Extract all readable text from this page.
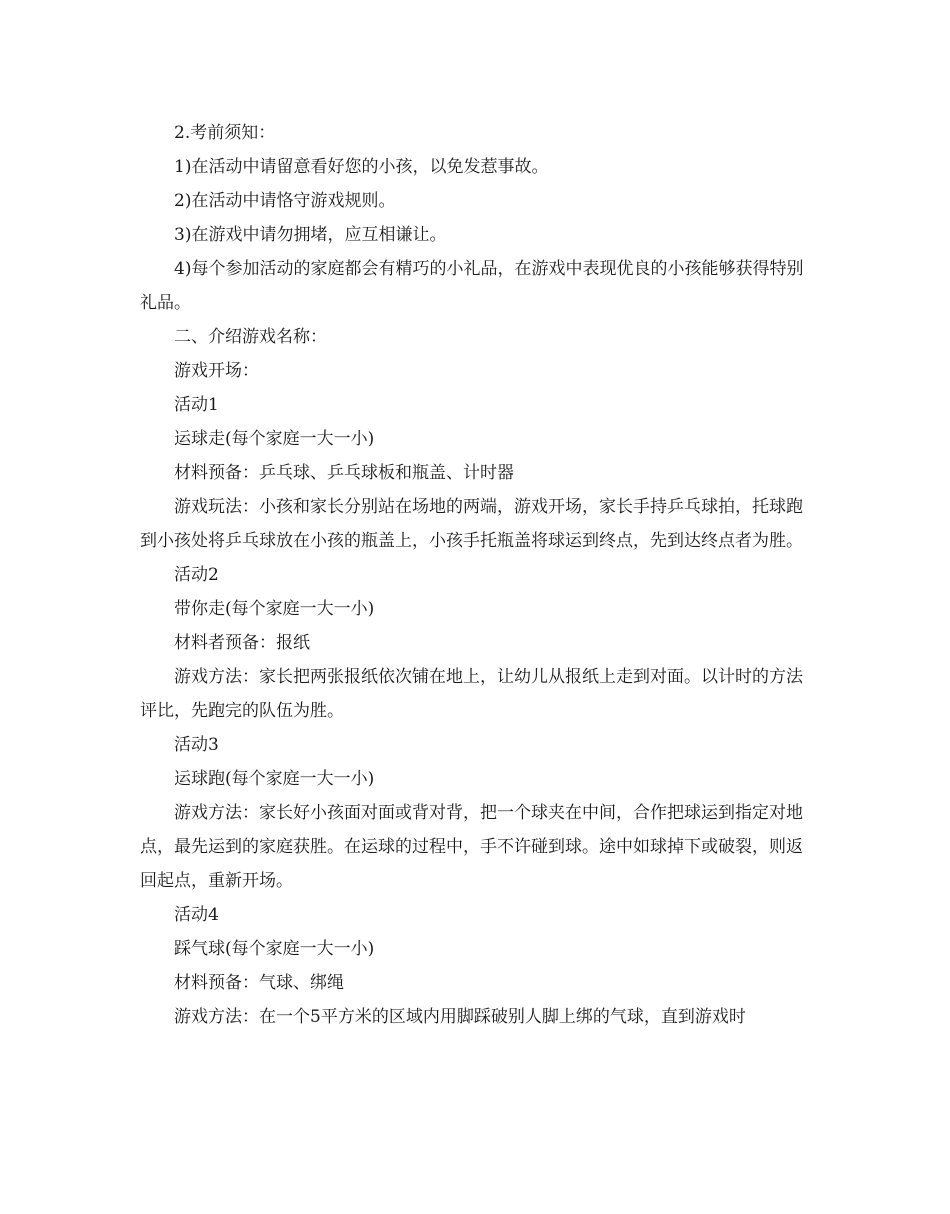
2.考前须知：

1)在活动中请留意看好您的小孩，以免发惹事故。

2)在活动中请恪守游戏规则。

3)在游戏中请勿拥堵，应互相谦让。

4)每个参加活动的家庭都会有精巧的小礼品，在游戏中表现优良的小孩能够获得特别礼品。

二、介绍游戏名称：

游戏开场：

活动1

运球走(每个家庭一大一小)

材料预备：乒乓球、乒乓球板和瓶盖、计时器

游戏玩法：小孩和家长分别站在场地的两端，游戏开场，家长手持乒乓球拍，托球跑到小孩处将乒乓球放在小孩的瓶盖上，小孩手托瓶盖将球运到终点，先到达终点者为胜。

活动2

带你走(每个家庭一大一小)

材料者预备：报纸

游戏方法：家长把两张报纸依次铺在地上，让幼儿从报纸上走到对面。以计时的方法评比，先跑完的队伍为胜。

活动3

运球跑(每个家庭一大一小)

游戏方法：家长好小孩面对面或背对背，把一个球夹在中间，合作把球运到指定对地点，最先运到的家庭获胜。在运球的过程中，手不许碰到球。途中如球掉下或破裂，则返回起点，重新开场。

活动4

踩气球(每个家庭一大一小)

材料预备：气球、绑绳

游戏方法：在一个5平方米的区域内用脚踩破别人脚上绑的气球，直到游戏时
